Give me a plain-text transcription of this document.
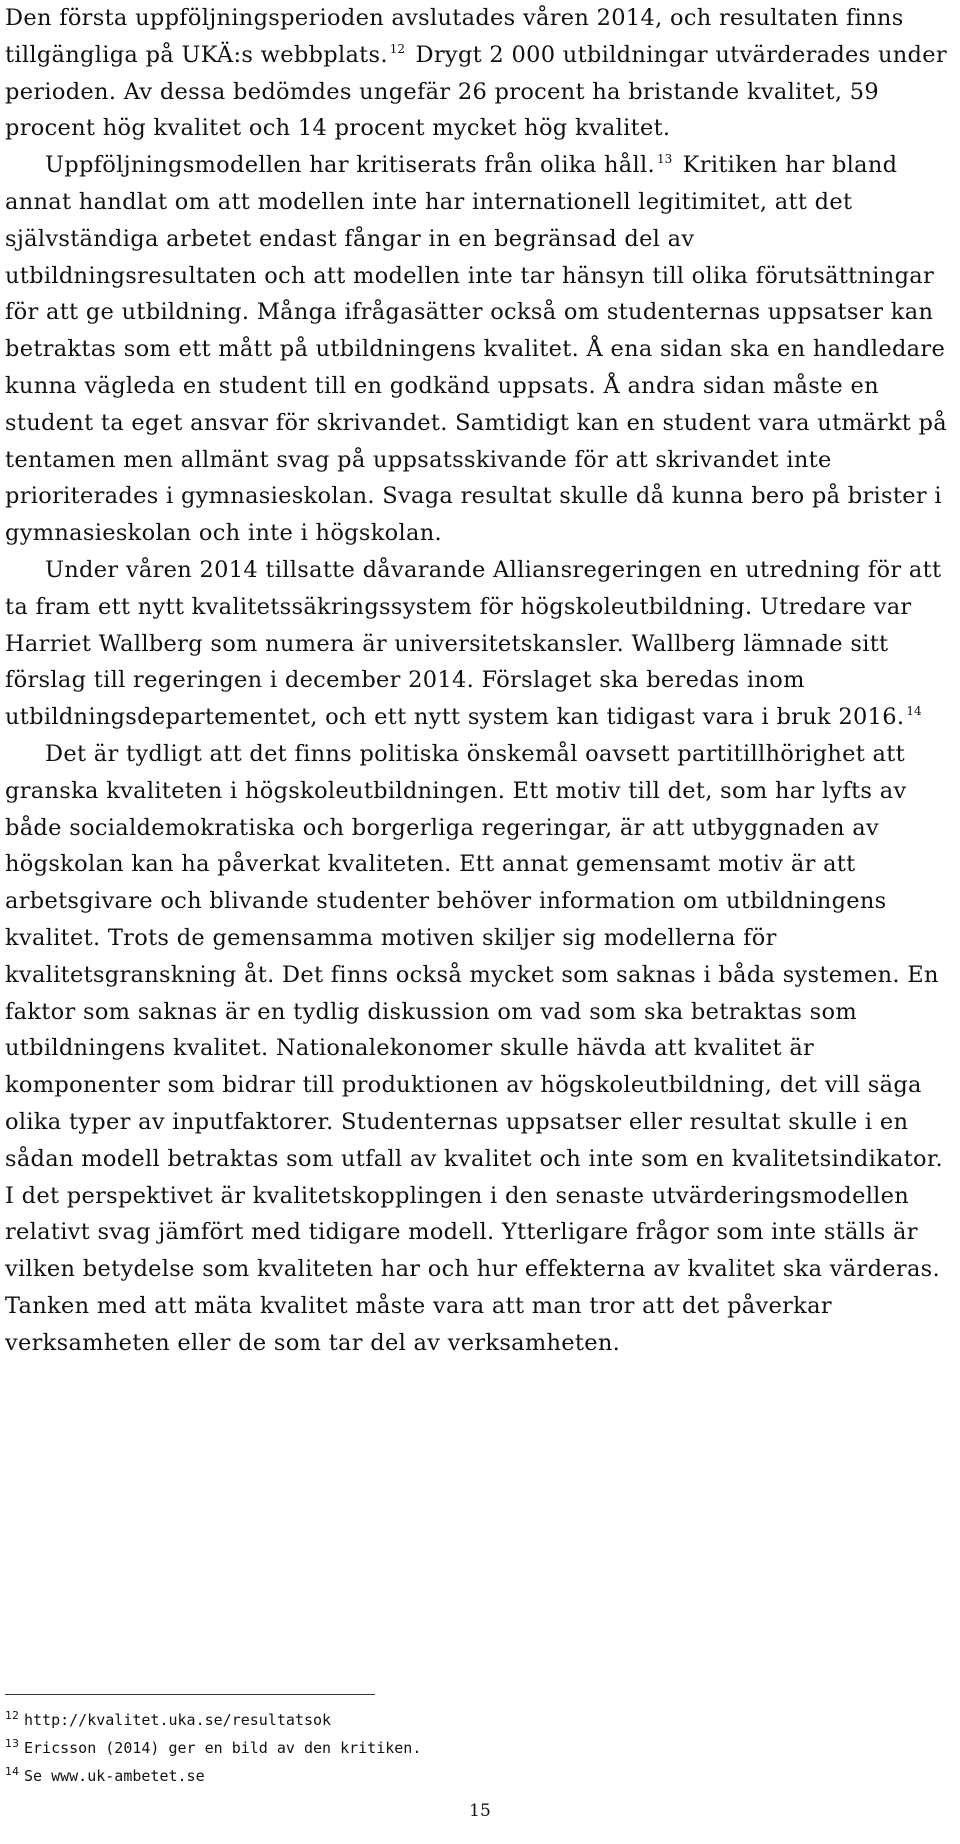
Den första uppföljningsperioden avslutades våren 2014, och resultaten finns tillgängliga på UKÄ:s webbplats. $^{12}$ Drygt 2 000 utbildningar utvärderades under perioden. Av dessa bedömdes ungefär 26 procent ha bristande kvalitet, 59 procent hög kvalitet och 14 procent mycket hög kvalitet.

Uppföljningsmodellen har kritiserats från olika håll. $^{13}$ Kritiken har bland annat handlat om att modellen inte har internationell legitimitet, att det självständiga arbetet endast fångar in en begränsad del av utbildningsresultaten och att modellen inte tar hänsyn till olika förutsättningar för att ge utbildning. Många ifrågasätter också om studenternas uppsatser kan betraktas som ett mått på utbildningens kvalitet. Å ena sidan ska en handledare kunna vägleda en student till en godkänd uppsats. Å andra sidan måste en student ta eget ansvar för skrivandet. Samtidigt kan en student vara utmärkt på tentamen men allmänt svag på uppsatsskivande för att skrivandet inte prioriterades i gymnasieskolan. Svaga resultat skulle då kunna bero på brister i gymnasieskolan och inte i högskolan.

Under våren 2014 tillsatte dåvarande Alliansregeringen en utredning för att ta fram ett nytt kvalitetssäkringssystem för högskoleutbildning. Utredare var Harriet Wallberg som numera är universitetskansler. Wallberg lämnade sitt förslag till regeringen i december 2014. Förslaget ska beredas inom utbildningsdepartementet, och ett nytt system kan tidigast vara i bruk 2016. $^{14}$

Det är tydligt att det finns politiska önskemål oavsett partitillhörighet att granska kvaliteten i högskoleutbildningen. Ett motiv till det, som har lyfts av både socialdemokratiska och borgerliga regeringar, är att utbyggnaden av högskolan kan ha påverkat kvaliteten. Ett annat gemensamt motiv är att arbetsgivare och blivande studenter behöver information om utbildningens kvalitet. Trots de gemensamma motiven skiljer sig modellerna för kvalitetsgranskning åt. Det finns också mycket som saknas i båda systemen. En faktor som saknas är en tydlig diskussion om vad som ska betraktas som utbildningens kvalitet. Nationalekonomer skulle hävda att kvalitet är komponenter som bidrar till produktionen av högskoleutbildning, det vill säga olika typer av inputfaktorer. Studenternas uppsatser eller resultat skulle i en sådan modell betraktas som utfall av kvalitet och inte som en kvalitetsindikator. I det perspektivet är kvalitetskopplingen i den senaste utvärderingsmodellen relativt svag jämfört med tidigare modell. Ytterligare frågor som inte ställs är vilken betydelse som kvaliteten har och hur effekterna av kvalitet ska värderas. Tanken med att mäta kvalitet måste vara att man tror att det påverkar verksamheten eller de som tar del av verksamheten.

$^{12}$ http://kvalitet.uka.se/resultatsok

$^{13}$ Ericsson (2014) ger en bild av den kritiken.

$^{14}$ Se www.uk-ambetet.se

15
